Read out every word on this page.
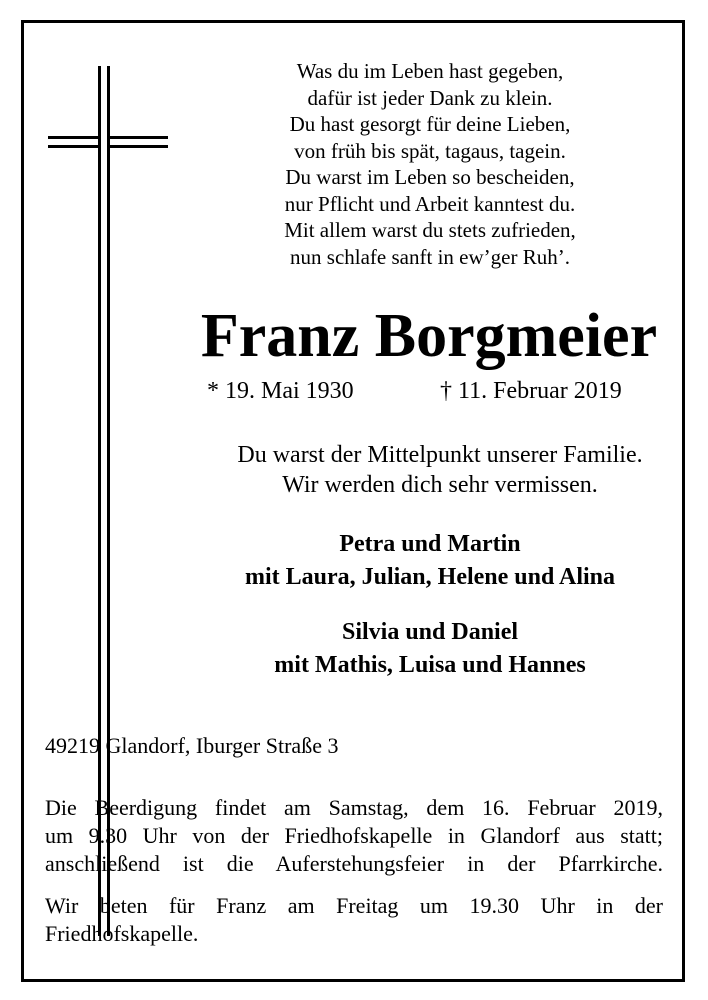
Was du im Leben hast gegeben,
dafür ist jeder Dank zu klein.
Du hast gesorgt für deine Lieben,
von früh bis spät, tagaus, tagein.
Du warst im Leben so bescheiden,
nur Pflicht und Arbeit kanntest du.
Mit allem warst du stets zufrieden,
nun schlafe sanft in ew’ger Ruh’.
Franz Borgmeier
* 19. Mai 1930	† 11. Februar 2019
Du warst der Mittelpunkt unserer Familie.
Wir werden dich sehr vermissen.
Petra und Martin
mit Laura, Julian, Helene und Alina
Silvia und Daniel
mit Mathis, Luisa und Hannes
49219 Glandorf, Iburger Straße 3
Die Beerdigung findet am Samstag, dem 16. Februar 2019,
um 9.30 Uhr von der Friedhofskapelle in Glandorf aus statt;
anschließend ist die Auferstehungsfeier in der Pfarrkirche.
Wir beten für Franz am Freitag um 19.30 Uhr in der
Friedhofskapelle.
